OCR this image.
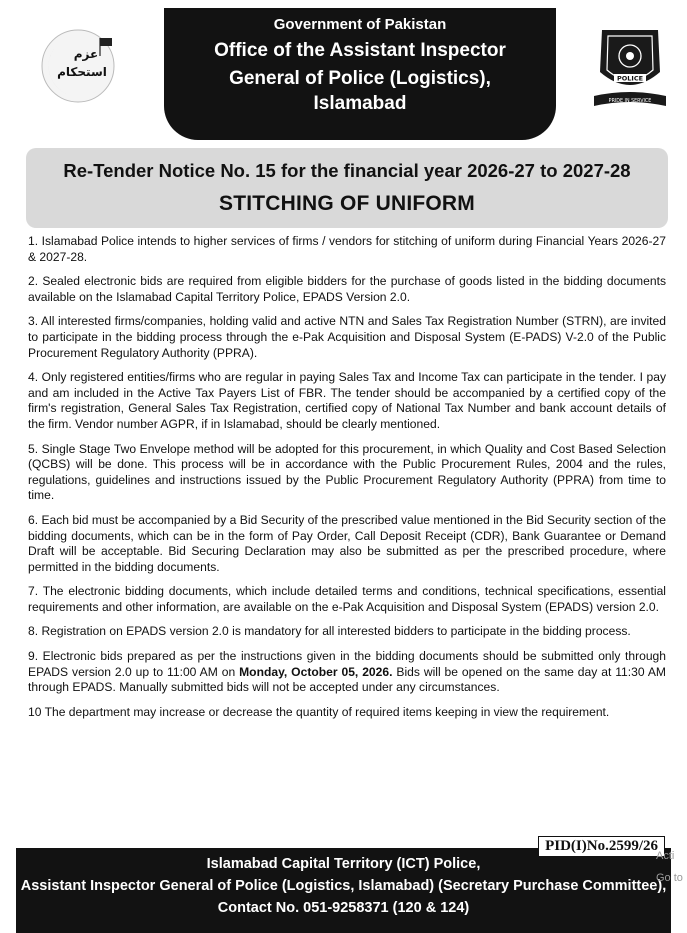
عزم
استحکام
Government of Pakistan
Office of the Assistant Inspector
General of Police (Logistics),
Islamabad
POLICE
PRIDE IN SERVICE
Re-Tender Notice No. 15 for the financial year 2026-27 to 2027-28
STITCHING OF UNIFORM

1. Islamabad Police intends to higher services of firms / vendors for stitching of uniform during Financial Years 2026-27 & 2027-28.

2. Sealed electronic bids are required from eligible bidders for the purchase of goods listed in the bidding documents available on the Islamabad Capital Territory Police, EPADS Version 2.0.

3. All interested firms/companies, holding valid and active NTN and Sales Tax Registration Number (STRN), are invited to participate in the bidding process through the e-Pak Acquisition and Disposal System (E-PADS) V-2.0 of the Public Procurement Regulatory Authority (PPRA).

4. Only registered entities/firms who are regular in paying Sales Tax and Income Tax can participate in the tender. I pay and am included in the Active Tax Payers List of FBR. The tender should be accompanied by a certified copy of the firm's registration, General Sales Tax Registration, certified copy of National Tax Number and bank account details of the firm. Vendor number AGPR, if in Islamabad, should be clearly mentioned.

5. Single Stage Two Envelope method will be adopted for this procurement, in which Quality and Cost Based Selection (QCBS) will be done. This process will be in accordance with the Public Procurement Rules, 2004 and the rules, regulations, guidelines and instructions issued by the Public Procurement Regulatory Authority (PPRA) from time to time.

6. Each bid must be accompanied by a Bid Security of the prescribed value mentioned in the Bid Security section of the bidding documents, which can be in the form of Pay Order, Call Deposit Receipt (CDR), Bank Guarantee or Demand Draft will be acceptable. Bid Securing Declaration may also be submitted as per the prescribed procedure, where permitted in the bidding documents.

7. The electronic bidding documents, which include detailed terms and conditions, technical specifications, essential requirements and other information, are available on the e-Pak Acquisition and Disposal System (EPADS) version 2.0.

8. Registration on EPADS version 2.0 is mandatory for all interested bidders to participate in the bidding process.

9. Electronic bids prepared as per the instructions given in the bidding documents should be submitted only through EPADS version 2.0 up to 11:00 AM on Monday, October 05, 2026. Bids will be opened on the same day at 11:30 AM through EPADS. Manually submitted bids will not be accepted under any circumstances.

10 The department may increase or decrease the quantity of required items keeping in view the requirement.

Islamabad Capital Territory (ICT) Police,
Assistant Inspector General of Police (Logistics, Islamabad) (Secretary Purchase Committee),
Contact No. 051-9258371 (120 & 124)
PID(I)No.2599/26
Acti
Go to
